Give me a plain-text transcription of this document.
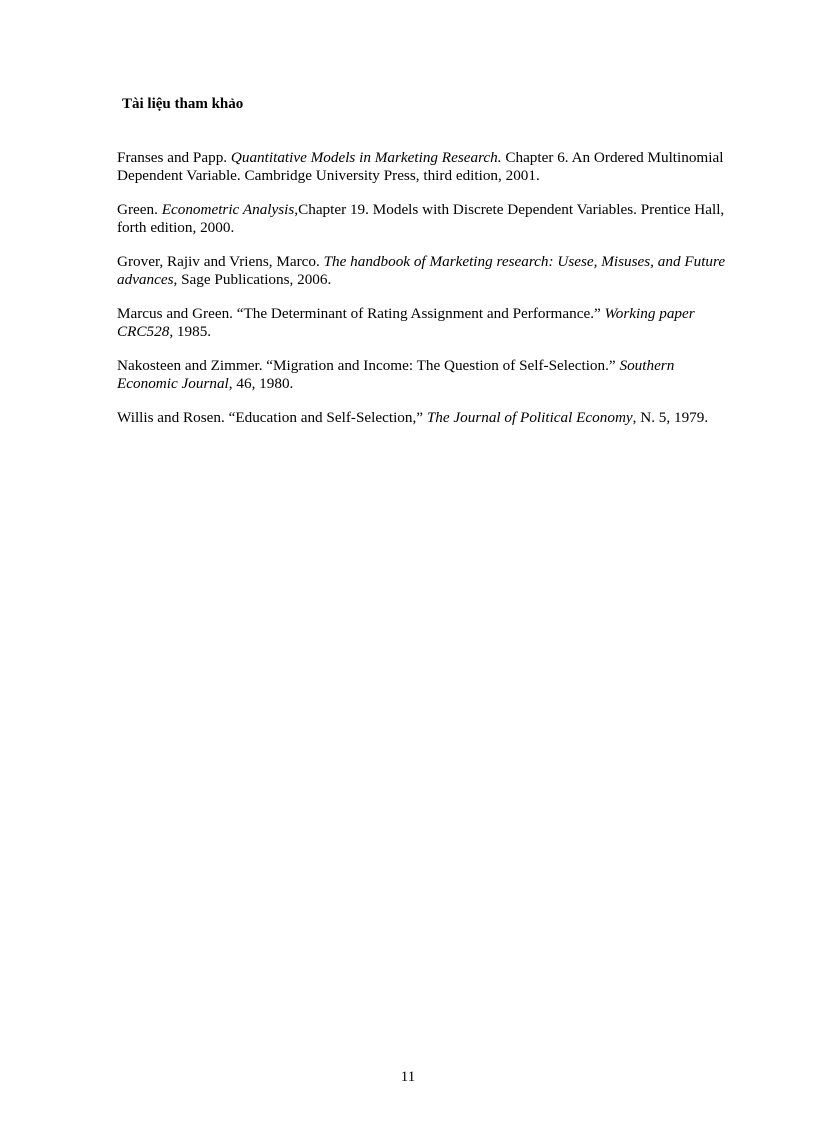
Tài liệu tham khảo
Franses and Papp. Quantitative Models in Marketing Research. Chapter 6. An Ordered Multinomial Dependent Variable. Cambridge University Press, third edition, 2001.
Green. Econometric Analysis,Chapter 19. Models with Discrete Dependent Variables. Prentice Hall, forth edition, 2000.
Grover, Rajiv and Vriens, Marco. The handbook of Marketing research: Usese, Misuses, and Future advances, Sage Publications, 2006.
Marcus and Green. “The Determinant of Rating Assignment and Performance.” Working paper CRC528, 1985.
Nakosteen and Zimmer. “Migration and Income: The Question of Self-Selection.” Southern Economic Journal, 46, 1980.
Willis and Rosen. “Education and Self-Selection,” The Journal of Political Economy, N. 5, 1979.

11
